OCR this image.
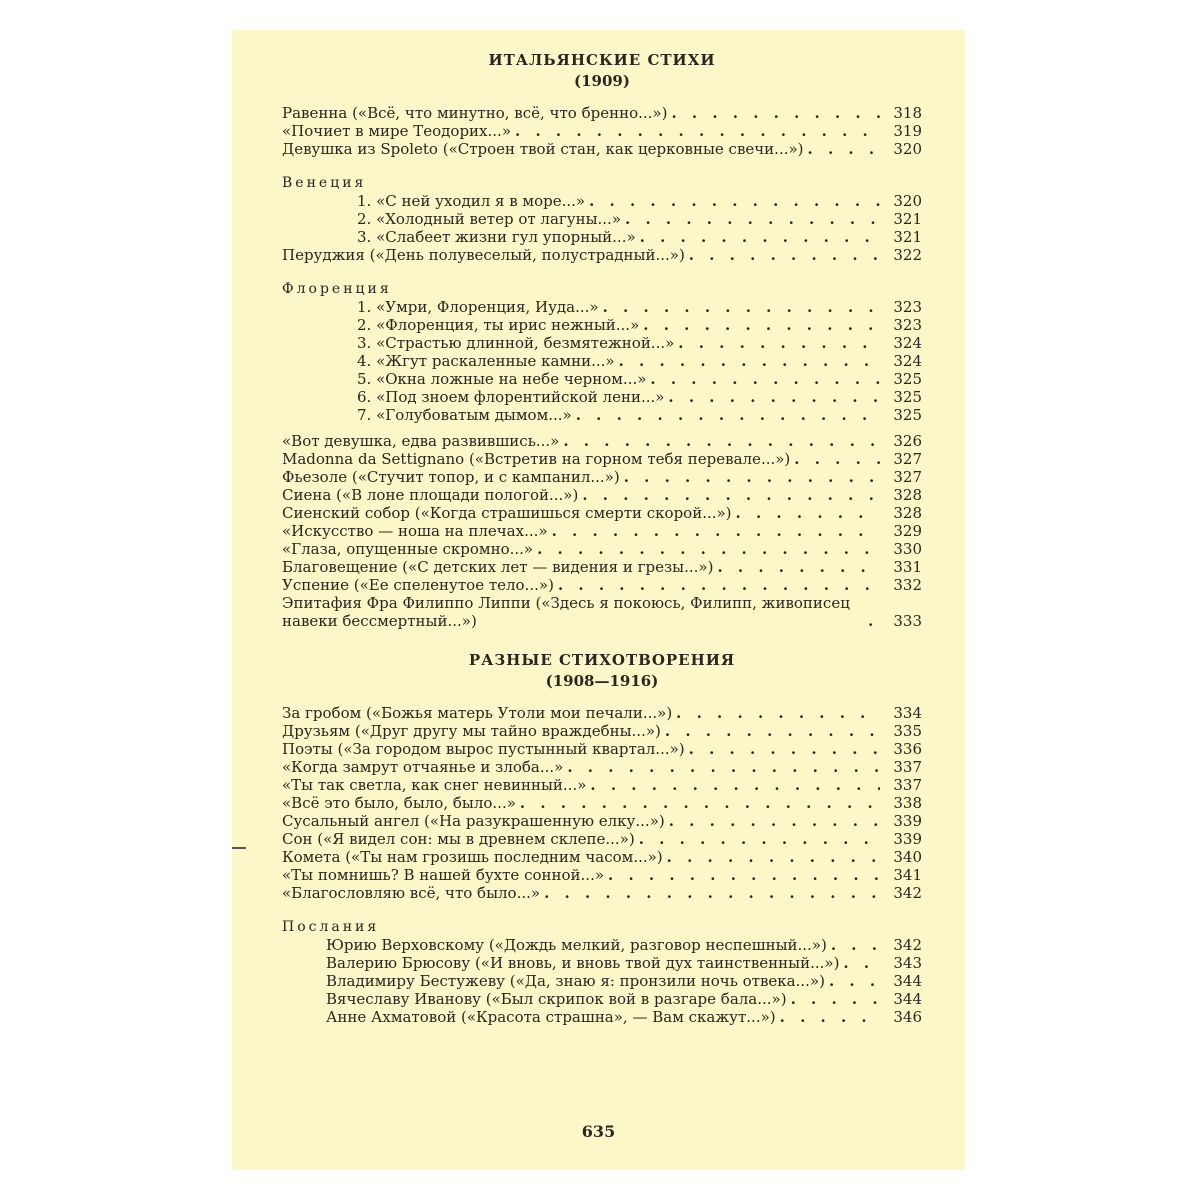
ИТАЛЬЯНСКИЕ СТИХИ
(1909)
Равенна («Всё, что минутно, всё, что бренно...») . . .	318
«Почиет в мире Теодорих...» . . .	319
Девушка из Spoleto («Строен твой стан, как церковные свечи...») . . .	320
Венеция
1. «С ней уходил я в море...» . . .	320
2. «Холодный ветер от лагуны...» . . .	321
3. «Слабеет жизни гул упорный...» . . .	321
Перуджия («День полувеселый, полустрадный...») . . .	322
Флоренция
1. «Умри, Флоренция, Иуда...» . . .	323
2. «Флоренция, ты ирис нежный...» . . .	323
3. «Страстью длинной, безмятежной...» . . .	324
4. «Жгут раскаленные камни...» . . .	324
5. «Окна ложные на небе черном...» . . .	325
6. «Под зноем флорентийской лени...» . . .	325
7. «Голубоватым дымом...» . . .	325
«Вот девушка, едва развившись...» . . .	326
Madonna da Settignano («Встретив на горном тебя перевале...») . . .	327
Фьезоле («Стучит топор, и с кампанил...») . . .	327
Сиена («В лоне площади пологой...») . . .	328
Сиенский собор («Когда страшишься смерти скорой...») . . .	328
«Искусство — ноша на плечах...» . . .	329
«Глаза, опущенные скромно...» . . .	330
Благовещение («С детских лет — видения и грезы...») . . .	331
Успение («Ее спеленутое тело...») . . .	332
Эпитафия Фра Филиппо Липпи («Здесь я покоюсь, Филипп, живописец навеки бессмертный...») . . .	333
РАЗНЫЕ СТИХОТВОРЕНИЯ
(1908—1916)
За гробом («Божья матерь Утоли мои печали...») . . .	334
Друзьям («Друг другу мы тайно враждебны...») . . .	335
Поэты («За городом вырос пустынный квартал...») . . .	336
«Когда замрут отчаянье и злоба...» . . .	337
«Ты так светла, как снег невинный...» . . .	337
«Всё это было, было, было...» . . .	338
Сусальный ангел («На разукрашенную елку...») . . .	339
Сон («Я видел сон: мы в древнем склепе...») . . .	339
Комета («Ты нам грозишь последним часом...») . . .	340
«Ты помнишь? В нашей бухте сонной...» . . .	341
«Благословляю всё, что было...» . . .	342
Послания
Юрию Верховскому («Дождь мелкий, разговор неспешный...») . . .	342
Валерию Брюсову («И вновь, и вновь твой дух таинственный...») . . .	343
Владимиру Бестужеву («Да, знаю я: пронзили ночь отвека...») . . .	344
Вячеславу Иванову («Был скрипок вой в разгаре бала...») . . .	344
Анне Ахматовой («Красота страшна», — Вам скажут...») . . .	346
635
